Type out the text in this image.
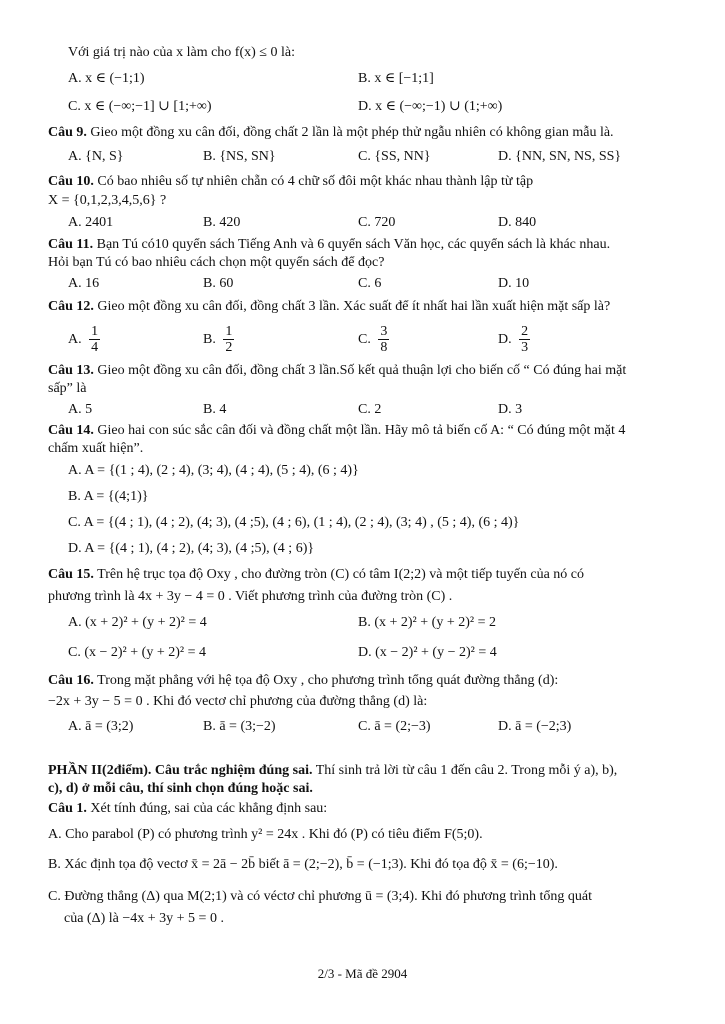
Với giá trị nào của x làm cho f(x) ≤ 0 là:
A. x ∈ (−1;1)	B. x ∈ [−1;1]
C. x ∈ (−∞;−1] ∪ [1;+∞)	D. x ∈ (−∞;−1) ∪ (1;+∞)
Câu 9. Gieo một đồng xu cân đối, đồng chất 2 lần là một phép thử ngẫu nhiên có không gian mẫu là.
A. {N, S}	B. {NS, SN}	C. {SS, NN}	D. {NN, SN, NS, SS}
Câu 10. Có bao nhiêu số tự nhiên chẵn có 4 chữ số đôi một khác nhau thành lập từ tập
X = {0,1,2,3,4,5,6} ?
A. 2401	B. 420	C. 720	D. 840
Câu 11. Bạn Tú có10 quyển sách Tiếng Anh và 6 quyển sách Văn học, các quyển sách là khác nhau.
Hỏi bạn Tú có bao nhiêu cách chọn một quyển sách để đọc?
A. 16	B. 60	C. 6	D. 10
Câu 12. Gieo một đồng xu cân đối, đồng chất 3 lần. Xác suất để ít nhất hai lần xuất hiện mặt sấp là?
A. $\frac{1}{4}$	B. $\frac{1}{2}$	C. $\frac{3}{8}$	D. $\frac{2}{3}$
Câu 13. Gieo một đồng xu cân đối, đồng chất 3 lần.Số kết quả thuận lợi cho biến cố “ Có đúng hai mặt
sấp” là
A. 5	B. 4	C. 2	D. 3
Câu 14. Gieo hai con súc sắc cân đối và đồng chất một lần. Hãy mô tả biến cố A: “ Có đúng một mặt 4
chấm xuất hiện”.
A. A = {(1 ; 4), (2 ; 4), (3; 4), (4 ; 4), (5 ; 4), (6 ; 4)}
B. A = {(4;1)}
C. A = {(4 ; 1), (4 ; 2), (4; 3), (4 ;5), (4 ; 6), (1 ; 4), (2 ; 4), (3; 4) , (5 ; 4), (6 ; 4)}
D. A = {(4 ; 1), (4 ; 2), (4; 3), (4 ;5), (4 ; 6)}
Câu 15. Trên hệ trục tọa độ Oxy , cho đường tròn (C) có tâm I(2;2) và một tiếp tuyến của nó có
phương trình là 4x + 3y − 4 = 0 . Viết phương trình của đường tròn (C) .
A. (x + 2)² + (y + 2)² = 4	B. (x + 2)² + (y + 2)² = 2
C. (x − 2)² + (y + 2)² = 4	D. (x − 2)² + (y − 2)² = 4
Câu 16. Trong mặt phẳng với hệ tọa độ Oxy , cho phương trình tổng quát đường thẳng (d):
−2x + 3y − 5 = 0 . Khi đó vectơ chỉ phương của đường thẳng (d) là:
A. ā = (3;2)	B. ā = (3;−2)	C. ā = (2;−3)	D. ā = (−2;3)
PHẦN II(2điểm). Câu trắc nghiệm đúng sai. Thí sinh trả lời từ câu 1 đến câu 2. Trong mỗi ý a), b),
c), d) ở mỗi câu, thí sinh chọn đúng hoặc sai.
Câu 1. Xét tính đúng, sai của các khẳng định sau:
A. Cho parabol (P) có phương trình y² = 24x . Khi đó (P) có tiêu điểm F(5;0).
B. Xác định tọa độ vectơ x̄ = 2ā − 2b̄ biết ā = (2;−2), b̄ = (−1;3). Khi đó tọa độ x̄ = (6;−10).
C. Đường thẳng (Δ) qua M(2;1) và có véctơ chỉ phương ū = (3;4). Khi đó phương trình tổng quát
của (Δ) là −4x + 3y + 5 = 0 .
2/3 - Mã đề 2904
